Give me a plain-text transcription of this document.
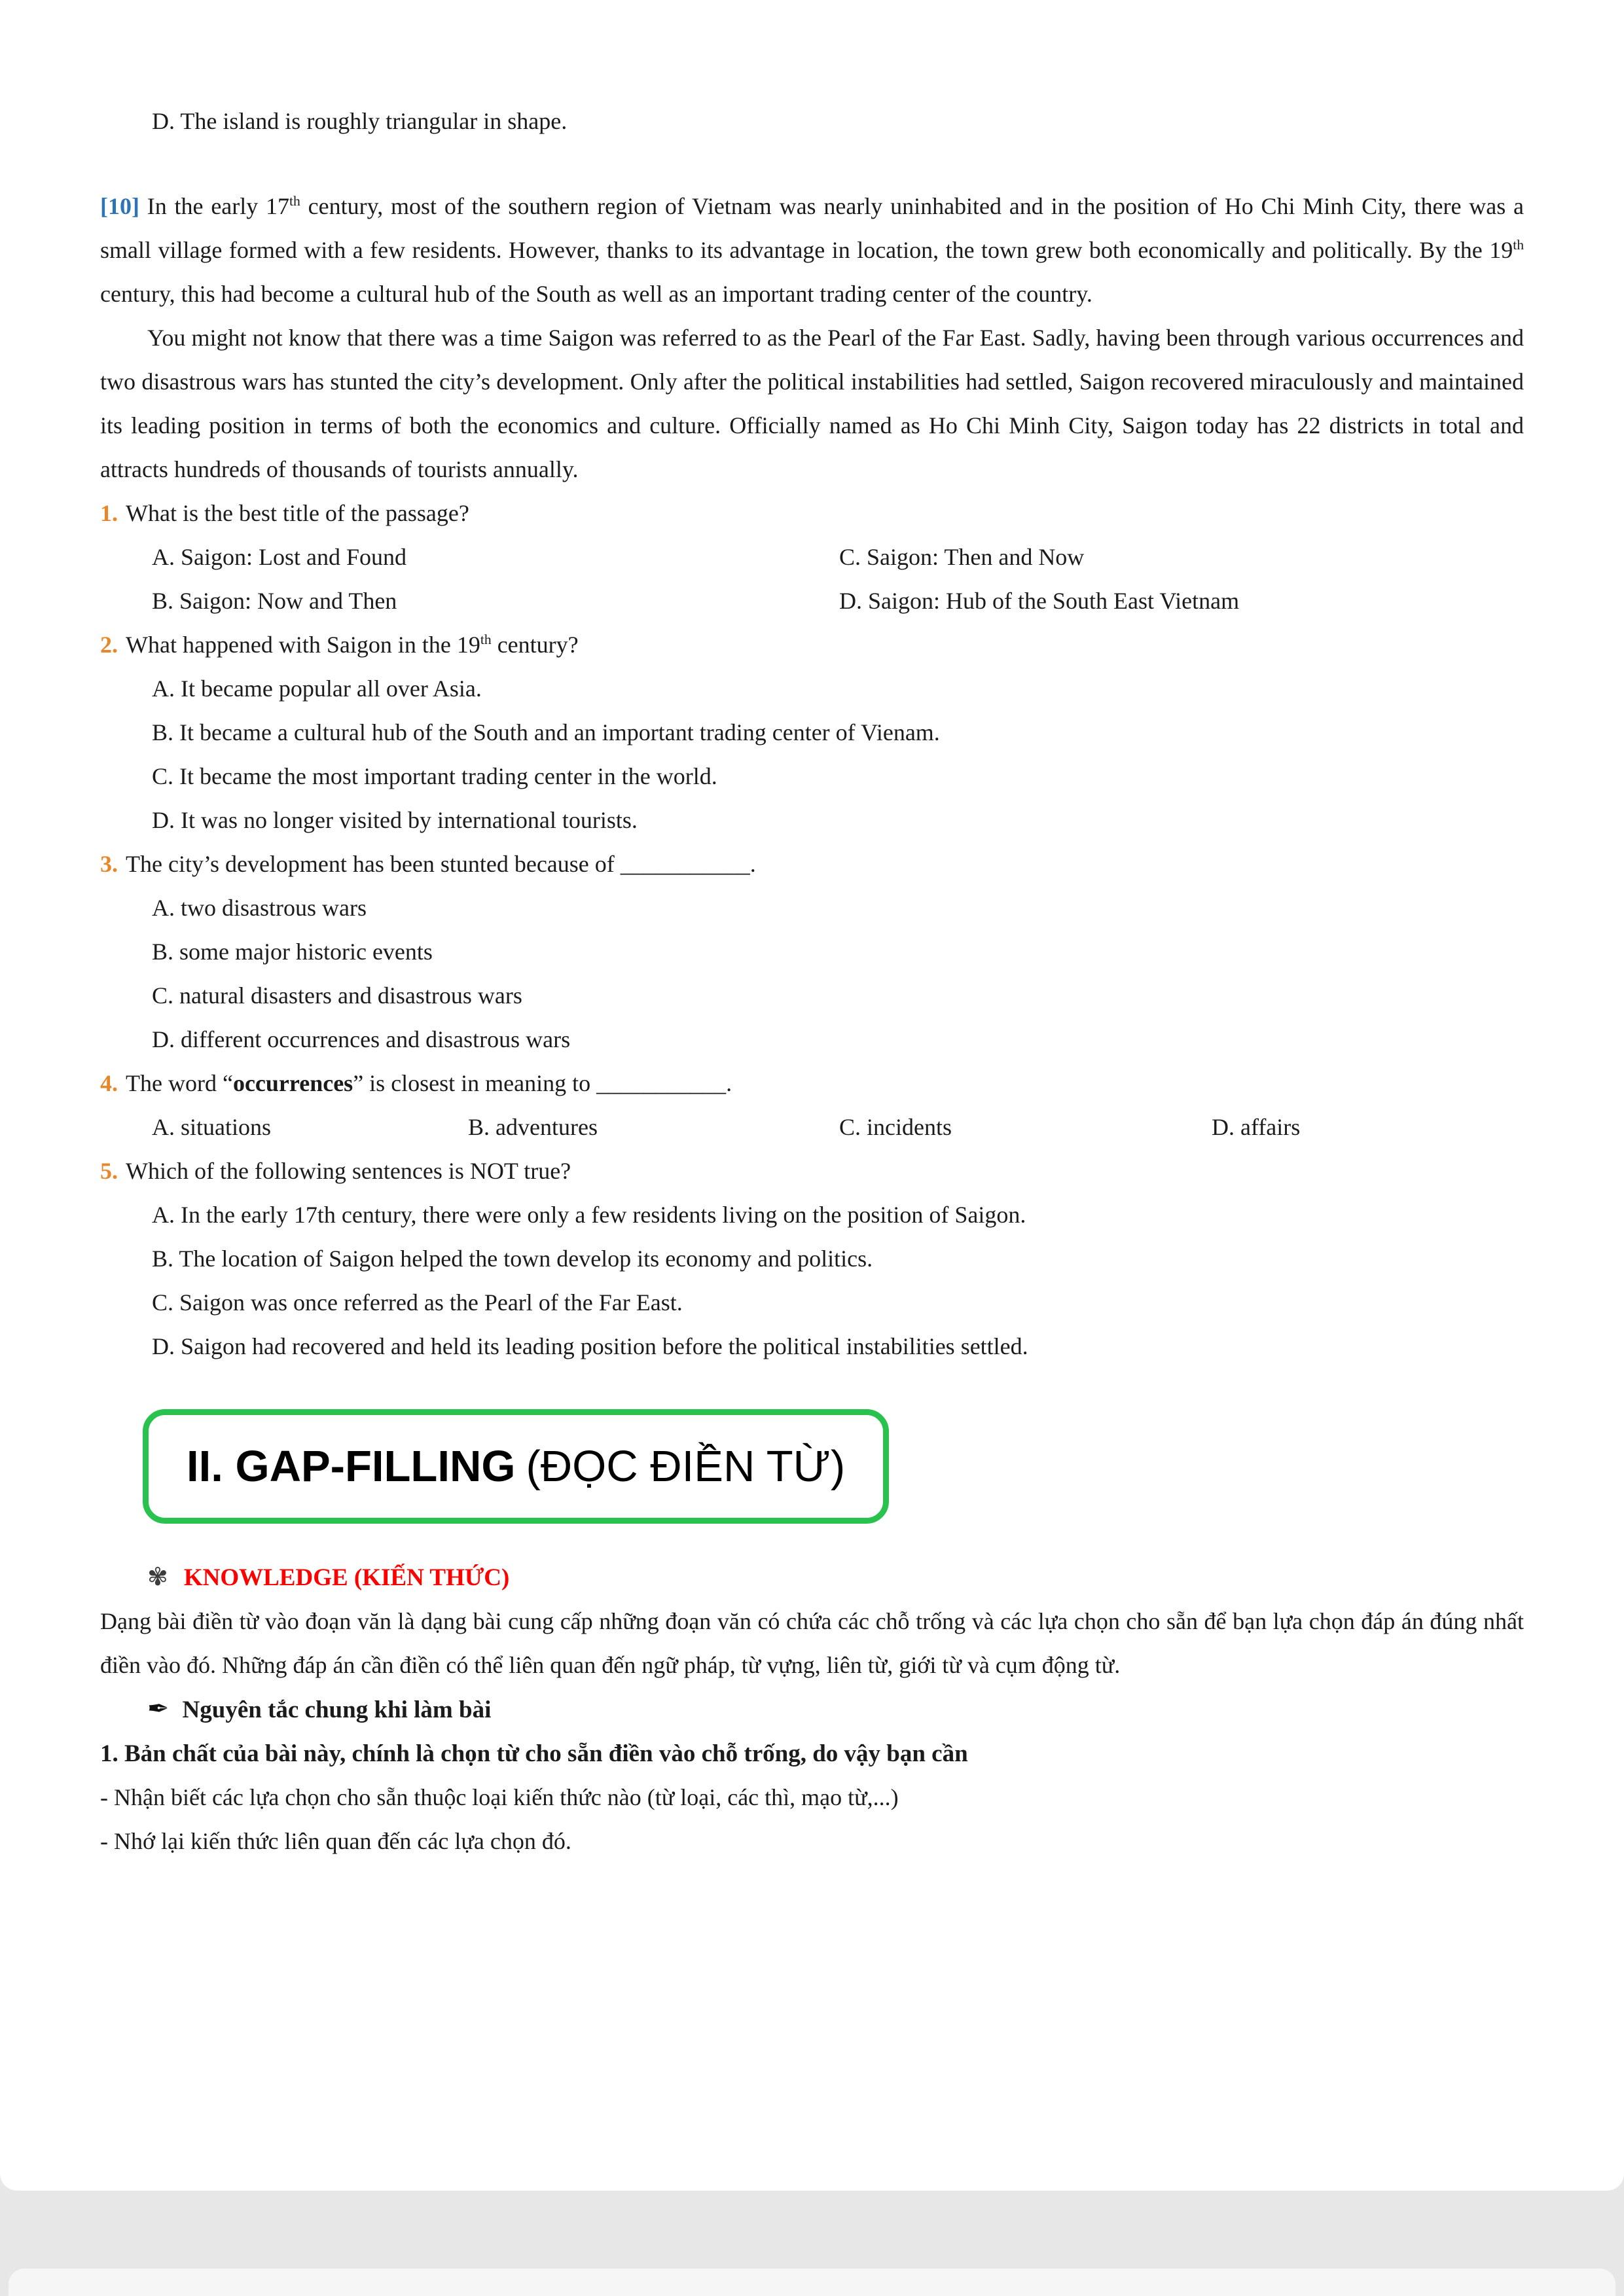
D. The island is roughly triangular in shape.

[10] In the early 17th century, most of the southern region of Vietnam was nearly uninhabited and in the position of Ho Chi Minh City, there was a small village formed with a few residents. However, thanks to its advantage in location, the town grew both economically and politically. By the 19th century, this had become a cultural hub of the South as well as an important trading center of the country.

You might not know that there was a time Saigon was referred to as the Pearl of the Far East. Sadly, having been through various occurrences and two disastrous wars has stunted the city’s development. Only after the political instabilities had settled, Saigon recovered miraculously and maintained its leading position in terms of both the economics and culture. Officially named as Ho Chi Minh City, Saigon today has 22 districts in total and attracts hundreds of thousands of tourists annually.

1. What is the best title of the passage?
A. Saigon: Lost and Found	C. Saigon: Then and Now
B. Saigon: Now and Then	D. Saigon: Hub of the South East Vietnam
2. What happened with Saigon in the 19th century?
A. It became popular all over Asia.
B. It became a cultural hub of the South and an important trading center of Vienam.
C. It became the most important trading center in the world.
D. It was no longer visited by international tourists.
3. The city’s development has been stunted because of ___________.
A. two disastrous wars
B. some major historic events
C. natural disasters and disastrous wars
D. different occurrences and disastrous wars
4. The word “occurrences” is closest in meaning to ___________.
A. situations	B. adventures	C. incidents	D. affairs
5. Which of the following sentences is NOT true?
A. In the early 17th century, there were only a few residents living on the position of Saigon.
B. The location of Saigon helped the town develop its economy and politics.
C. Saigon was once referred as the Pearl of the Far East.
D. Saigon had recovered and held its leading position before the political instabilities settled.
II. GAP-FILLING (ĐỌC ĐIỀN TỪ)
✾ KNOWLEDGE (KIẾN THỨC)

Dạng bài điền từ vào đoạn văn là dạng bài cung cấp những đoạn văn có chứa các chỗ trống và các lựa chọn cho sẵn để bạn lựa chọn đáp án đúng nhất điền vào đó. Những đáp án cần điền có thể liên quan đến ngữ pháp, từ vựng, liên từ, giới từ và cụm động từ.

✒ Nguyên tắc chung khi làm bài
1. Bản chất của bài này, chính là chọn từ cho sẵn điền vào chỗ trống, do vậy bạn cần
- Nhận biết các lựa chọn cho sẵn thuộc loại kiến thức nào (từ loại, các thì, mạo từ,...)
- Nhớ lại kiến thức liên quan đến các lựa chọn đó.
